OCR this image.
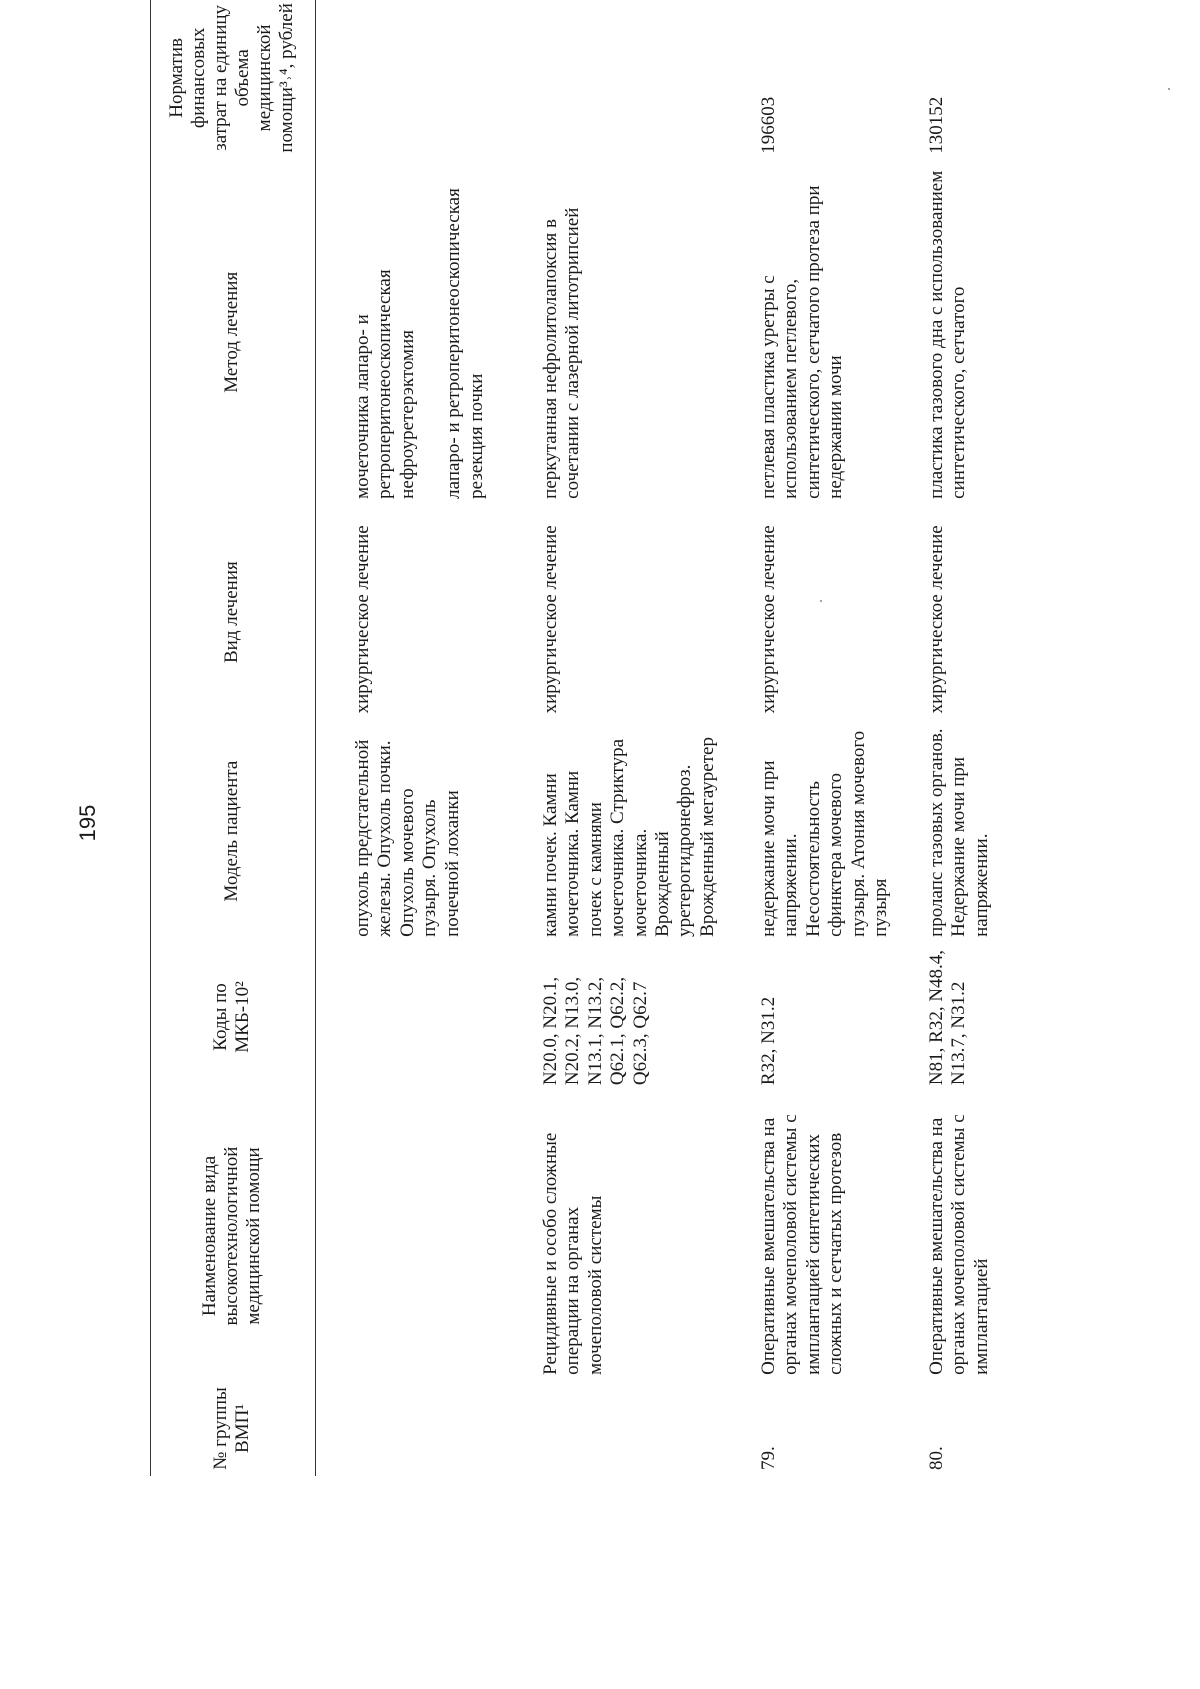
195
№ группы ВМП¹	Наименование вида высокотехнологичной медицинской помощи	Коды по МКБ-10²	Модель пациента	Вид лечения	Метод лечения	Норматив финансовых затрат на единицу объема медицинской помощи³˒⁴, рублей

			опухоль предстательной железы. Опухоль почки. Опухоль мочевого пузыря. Опухоль почечной лоханки	хирургическое лечение	мочеточника лапаро- и ретроперитонеоскопическая нефроуретерэктомия лапаро- и ретроперитонеоскопическая резекция почки	

	Рецидивные и особо сложные операции на органах мочеполовой системы	N20.0, N20.1, N20.2, N13.0, N13.1, N13.2, Q62.1, Q62.2, Q62.3, Q62.7	камни почек. Камни мочеточника. Камни почек с камнями мочеточника. Стриктура мочеточника. Врожденный уретерогидронефроз. Врожденный мегауретер	хирургическое лечение	перкутанная нефролитолапоксия в сочетании с лазерной литотрипсией	

79.	Оперативные вмешательства на органах мочеполовой системы с имплантацией синтетических сложных и сетчатых протезов	R32, N31.2	недержание мочи при напряжении. Несостоятельность сфинктера мочевого пузыря. Атония мочевого пузыря	хирургическое лечение	петлевая пластика уретры с использованием петлевого, синтетического, сетчатого протеза при недержании мочи	196603
80.	Оперативные вмешательства на органах мочеполовой системы с имплантацией	N81, R32, N48.4, N13.7, N31.2	пролапс тазовых органов. Недержание мочи при напряжении.	хирургическое лечение	пластика тазового дна с использованием синтетического, сетчатого	130152
